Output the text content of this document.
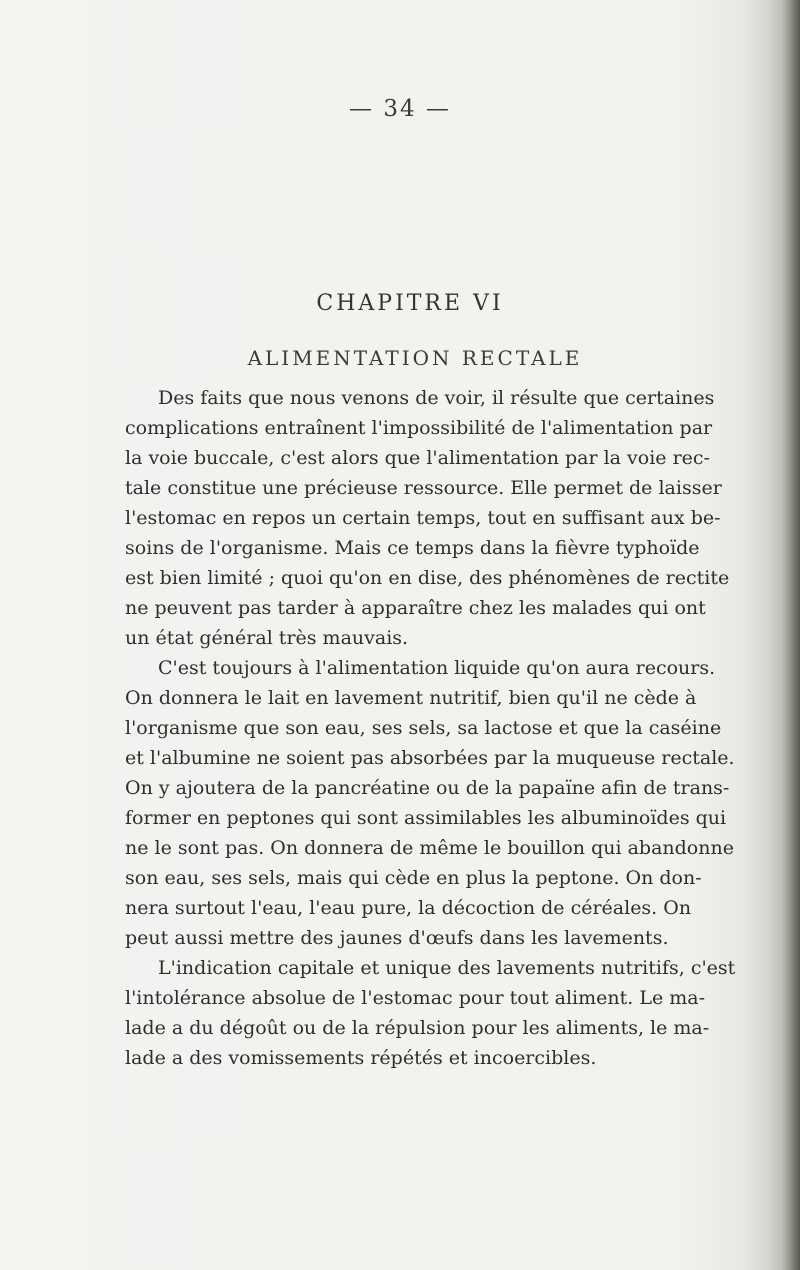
— 34 —
CHAPITRE VI
ALIMENTATION RECTALE
Des faits que nous venons de voir, il résulte que certaines
complications entraînent l'impossibilité de l'alimentation par
la voie buccale, c'est alors que l'alimentation par la voie rec-
tale constitue une précieuse ressource. Elle permet de laisser
l'estomac en repos un certain temps, tout en suffisant aux be-
soins de l'organisme. Mais ce temps dans la fièvre typhoïde
est bien limité ; quoi qu'on en dise, des phénomènes de rectite
ne peuvent pas tarder à apparaître chez les malades qui ont
un état général très mauvais.
C'est toujours à l'alimentation liquide qu'on aura recours.
On donnera le lait en lavement nutritif, bien qu'il ne cède à
l'organisme que son eau, ses sels, sa lactose et que la caséine
et l'albumine ne soient pas absorbées par la muqueuse rectale.
On y ajoutera de la pancréatine ou de la papaïne afin de trans-
former en peptones qui sont assimilables les albuminoïdes qui
ne le sont pas. On donnera de même le bouillon qui abandonne
son eau, ses sels, mais qui cède en plus la peptone. On don-
nera surtout l'eau, l'eau pure, la décoction de céréales. On
peut aussi mettre des jaunes d'œufs dans les lavements.
L'indication capitale et unique des lavements nutritifs, c'est
l'intolérance absolue de l'estomac pour tout aliment. Le ma-
lade a du dégoût ou de la répulsion pour les aliments, le ma-
lade a des vomissements répétés et incoercibles.
